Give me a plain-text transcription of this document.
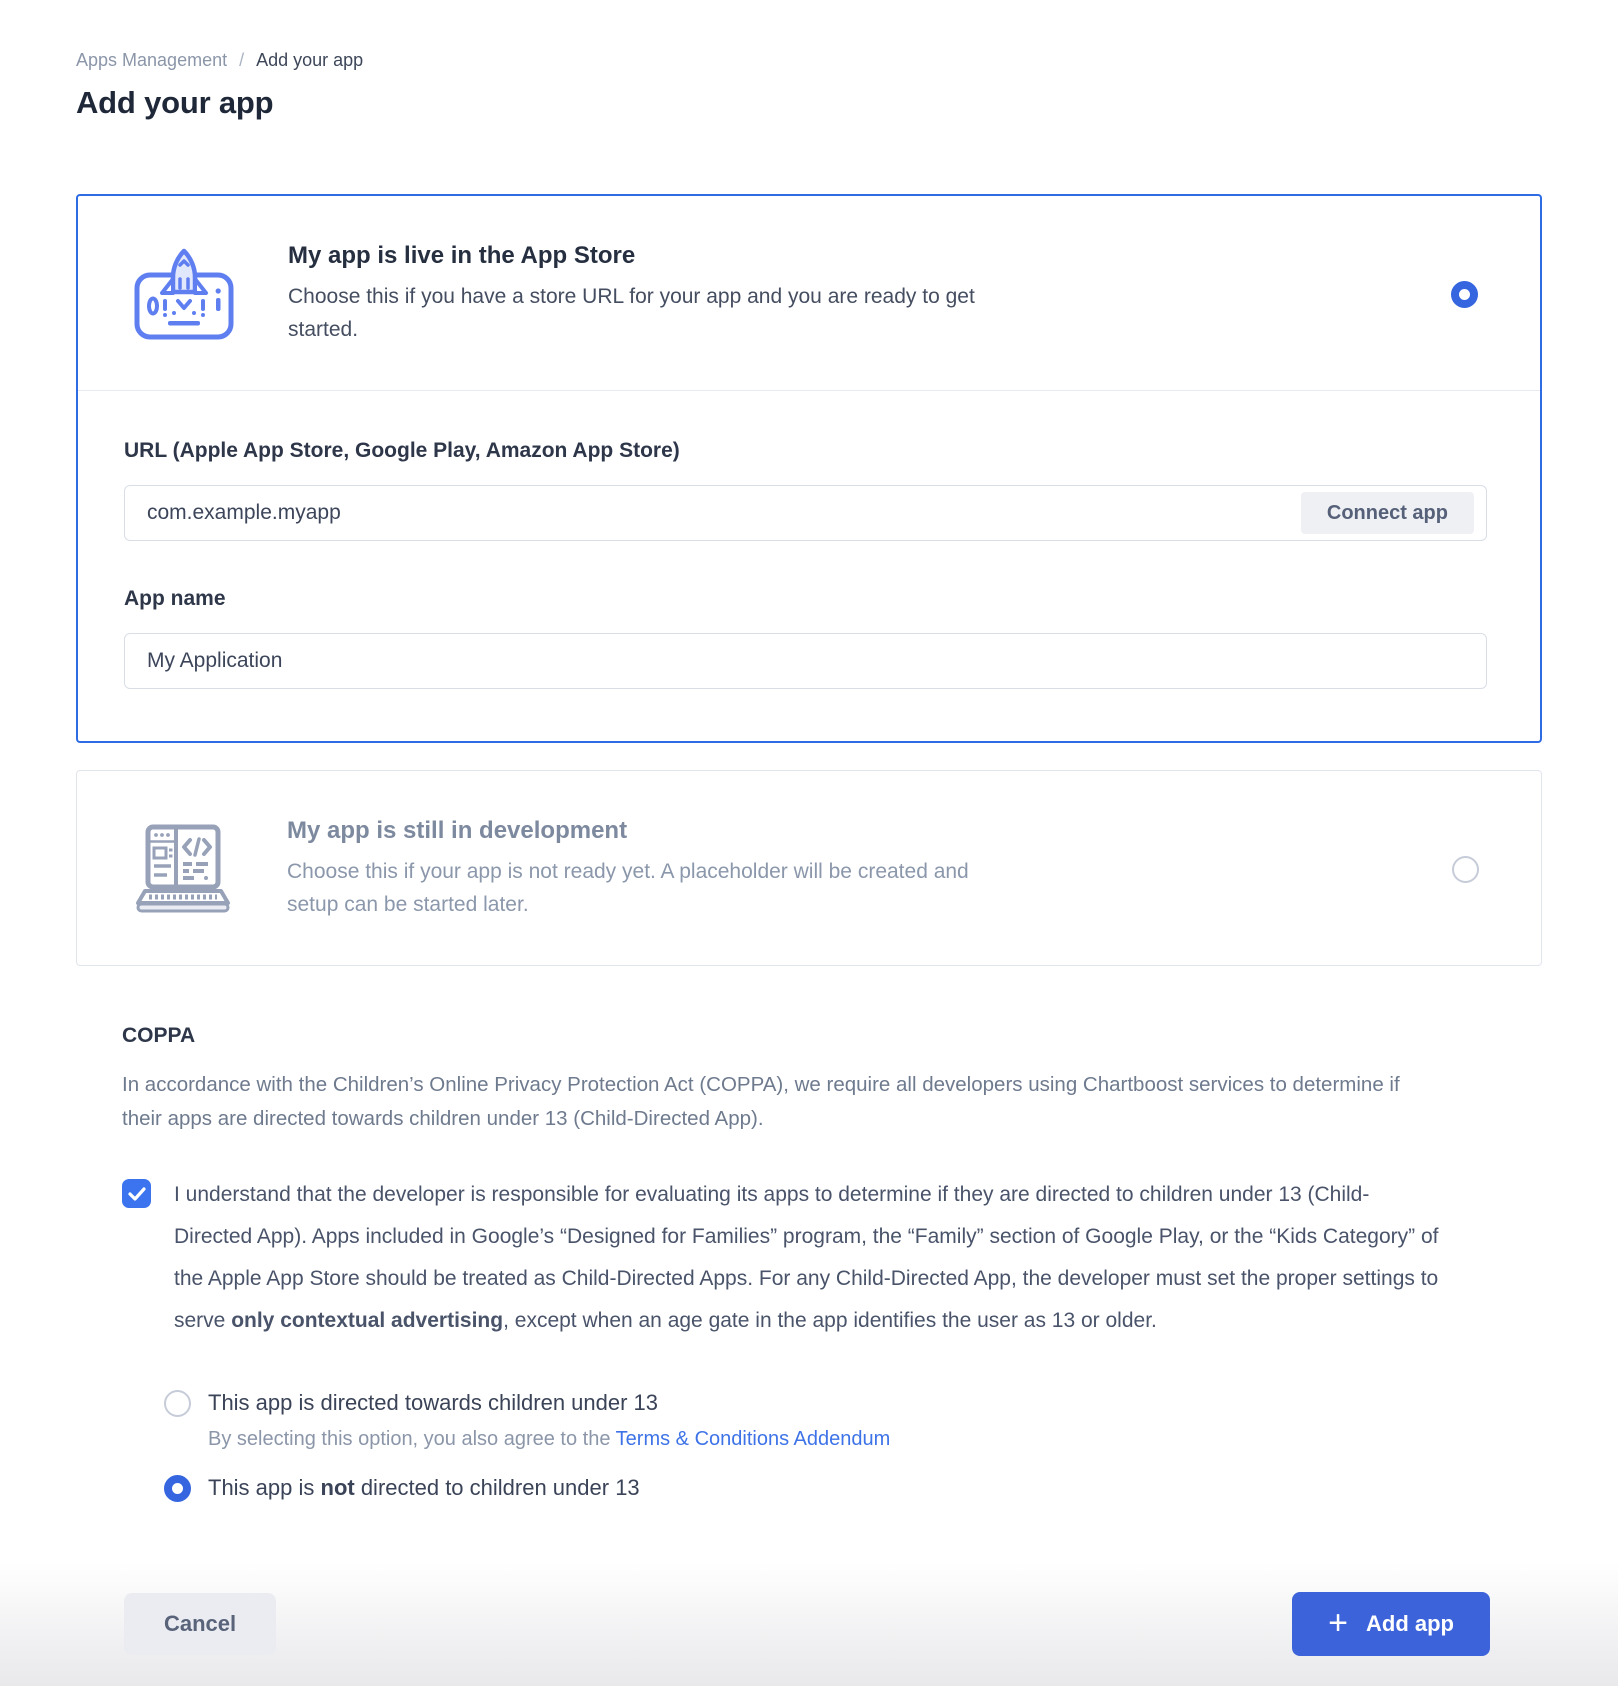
Apps Management / Add your app
Add your app
My app is live in the App Store

Choose this if you have a store URL for your app and you are ready to get started.

URL (Apple App Store, Google Play, Amazon App Store)
com.example.myapp
Connect app
App name
My Application
My app is still in development

Choose this if your app is not ready yet. A placeholder will be created and setup can be started later.

COPPA

In accordance with the Children’s Online Privacy Protection Act (COPPA), we require all developers using Chartboost services to determine if their apps are directed towards children under 13 (Child-Directed App).

I understand that the developer is responsible for evaluating its apps to determine if they are directed to children under 13 (Child-Directed App). Apps included in Google’s “Designed for Families” program, the “Family” section of Google Play, or the “Kids Category” of the Apple App Store should be treated as Child-Directed Apps. For any Child-Directed App, the developer must set the proper settings to serve only contextual advertising, except when an age gate in the app identifies the user as 13 or older.

This app is directed towards children under 13

By selecting this option, you also agree to the Terms & Conditions Addendum

This app is not directed to children under 13
Cancel	+ Add app
